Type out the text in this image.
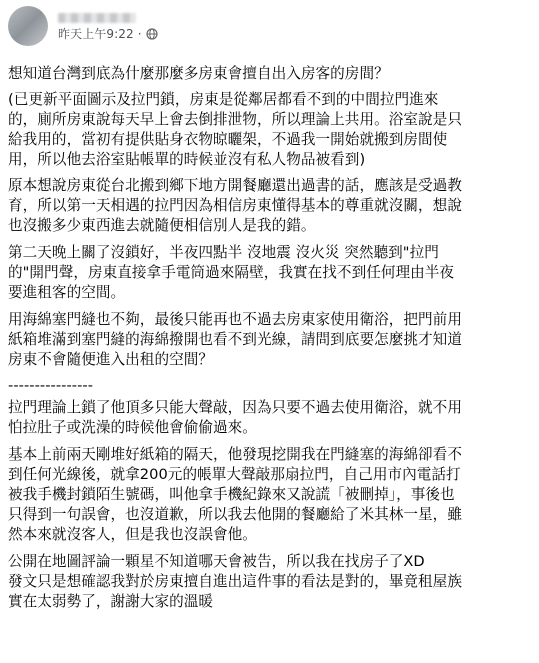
昨天上午9:22 ·
想知道台灣到底為什麼那麼多房東會擅自出入房客的房間？
(已更新平面圖示及拉門鎖，房東是從鄰居都看不到的中間拉門進來
的，廁所房東說每天早上會去倒排泄物，所以理論上共用。浴室說是只
給我用的，當初有提供貼身衣物晾曬架，不過我一開始就搬到房間使
用，所以他去浴室貼帳單的時候並沒有私人物品被看到)
原本想說房東從台北搬到鄉下地方開餐廳還出過書的話，應該是受過教
育，所以第一天相遇的拉門因為相信房東懂得基本的尊重就沒關，想說
也沒搬多少東西進去就隨便相信別人是我的錯。
第二天晚上關了沒鎖好，半夜四點半 沒地震 沒火災 突然聽到"拉門
的"開門聲，房東直接拿手電筒過來隔壁，我實在找不到任何理由半夜
要進租客的空間。
用海綿塞門縫也不夠，最後只能再也不過去房東家使用衛浴，把門前用
紙箱堆滿到塞門縫的海綿撥開也看不到光線，請問到底要怎麼挑才知道
房東不會隨便進入出租的空間？
----------------
拉門理論上鎖了他頂多只能大聲敲，因為只要不過去使用衛浴，就不用
怕拉肚子或洗澡的時候他會偷偷過來。
基本上前兩天剛堆好紙箱的隔天，他發現挖開我在門縫塞的海綿卻看不
到任何光線後，就拿200元的帳單大聲敲那扇拉門，自己用市內電話打
被我手機封鎖陌生號碼，叫他拿手機紀錄來又說謊「被刪掉」，事後也
只得到一句誤會，也沒道歉，所以我去他開的餐廳給了米其林一星，雖
然本來就沒客人，但是我也沒誤會他。
公開在地圖評論一顆星不知道哪天會被告，所以我在找房子了XD
發文只是想確認我對於房東擅自進出這件事的看法是對的，畢竟租屋族
實在太弱勢了，謝謝大家的溫暖
